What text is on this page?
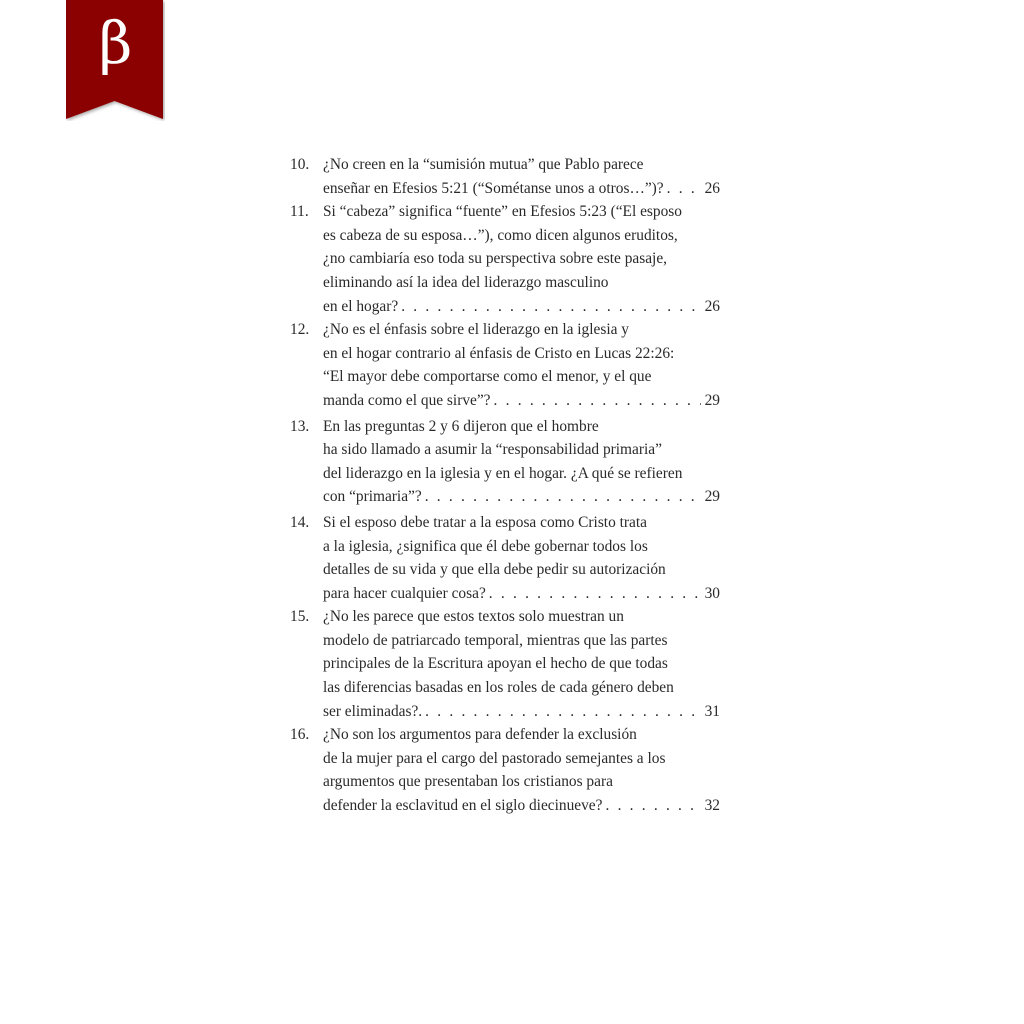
β
10. ¿No creen en la “sumisión mutua” que Pablo parece
enseñar en Efesios 5:21 (“Sométanse unos a otros…”)? . . .	26
11. Si “cabeza” significa “fuente” en Efesios 5:23 (“El esposo
es cabeza de su esposa…”), como dicen algunos eruditos,
¿no cambiaría eso toda su perspectiva sobre este pasaje,
eliminando así la idea del liderazgo masculino
en el hogar? . . .	26
12. ¿No es el énfasis sobre el liderazgo en la iglesia y
en el hogar contrario al énfasis de Cristo en Lucas 22:26:
“El mayor debe comportarse como el menor, y el que
manda como el que sirve”? . . .	29
13. En las preguntas 2 y 6 dijeron que el hombre
ha sido llamado a asumir la “responsabilidad primaria”
del liderazgo en la iglesia y en el hogar. ¿A qué se refieren
con “primaria”? . . .	29
14. Si el esposo debe tratar a la esposa como Cristo trata
a la iglesia, ¿significa que él debe gobernar todos los
detalles de su vida y que ella debe pedir su autorización
para hacer cualquier cosa? . . .	30
15. ¿No les parece que estos textos solo muestran un
modelo de patriarcado temporal, mientras que las partes
principales de la Escritura apoyan el hecho de que todas
las diferencias basadas en los roles de cada género deben
ser eliminadas?. . . .	31
16. ¿No son los argumentos para defender la exclusión
de la mujer para el cargo del pastorado semejantes a los
argumentos que presentaban los cristianos para
defender la esclavitud en el siglo diecinueve? . . .	32
